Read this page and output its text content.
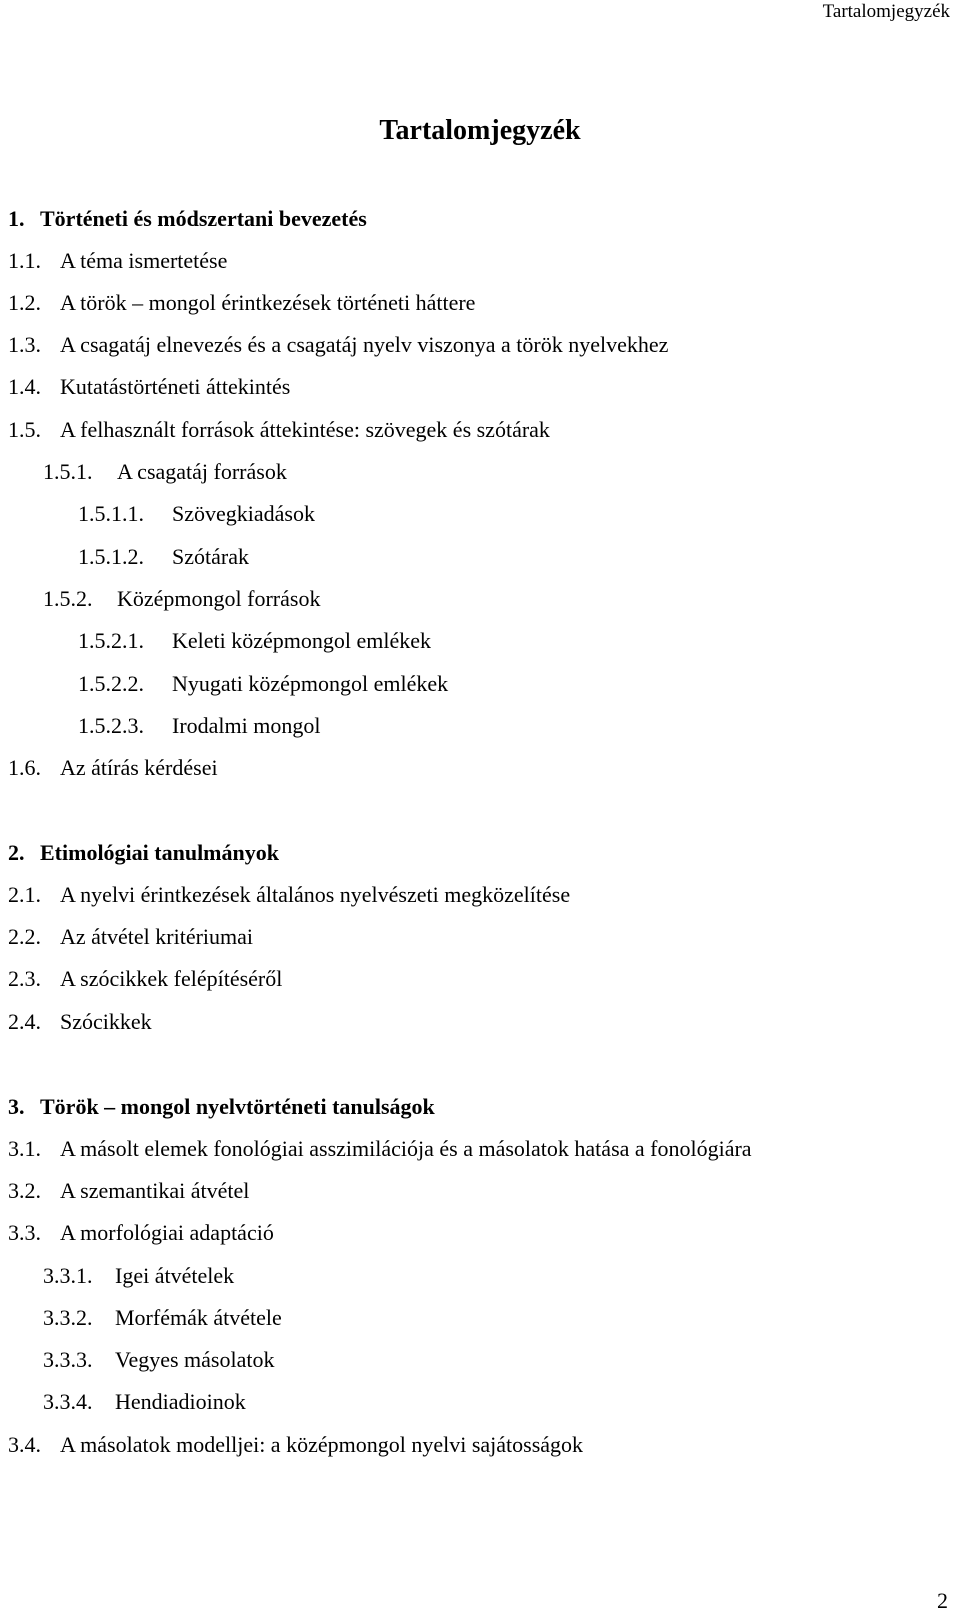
Tartalomjegyzék
Tartalomjegyzék
1. Történeti és módszertani bevezetés
1.1. A téma ismertetése
1.2. A török – mongol érintkezések történeti háttere
1.3. A csagatáj elnevezés és a csagatáj nyelv viszonya a török nyelvekhez
1.4. Kutatástörténeti áttekintés
1.5. A felhasznált források áttekintése: szövegek és szótárak
1.5.1. A csagatáj források
1.5.1.1. Szövegkiadások
1.5.1.2. Szótárak
1.5.2. Középmongol források
1.5.2.1. Keleti középmongol emlékek
1.5.2.2. Nyugati középmongol emlékek
1.5.2.3. Irodalmi mongol
1.6. Az átírás kérdései
2. Etimológiai tanulmányok
2.1. A nyelvi érintkezések általános nyelvészeti megközelítése
2.2. Az átvétel kritériumai
2.3. A szócikkek felépítéséről
2.4. Szócikkek
3. Török – mongol nyelvtörténeti tanulságok
3.1. A másolt elemek fonológiai asszimilációja és a másolatok hatása a fonológiára
3.2. A szemantikai átvétel
3.3. A morfológiai adaptáció
3.3.1. Igei átvételek
3.3.2. Morfémák átvétele
3.3.3. Vegyes másolatok
3.3.4. Hendiadioinok
3.4. A másolatok modelljei: a középmongol nyelvi sajátosságok
2
